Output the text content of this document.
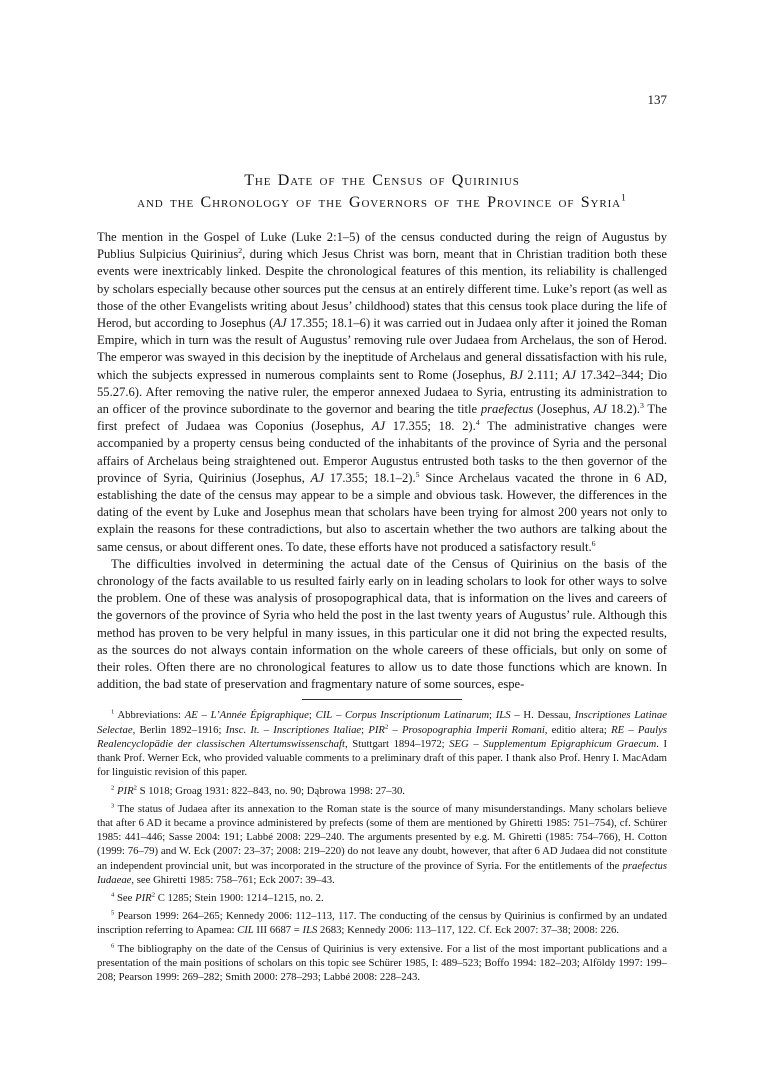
137
The Date of the Census of Quirinius
and the Chronology of the Governors of the Province of Syria$^1$

The mention in the Gospel of Luke (Luke 2:1–5) of the census conducted during the reign of Augustus by Publius Sulpicius Quirinius$^2$, during which Jesus Christ was born, meant that in Christian tradition both these events were inextricably linked. Despite the chronological features of this mention, its reliability is challenged by scholars especially because other sources put the census at an entirely different time. Luke’s report (as well as those of the other Evangelists writing about Jesus’ childhood) states that this census took place during the life of Herod, but according to Josephus (AJ 17.355; 18.1–6) it was carried out in Judaea only after it joined the Roman Empire, which in turn was the result of Augustus’ removing rule over Judaea from Archelaus, the son of Herod. The emperor was swayed in this decision by the ineptitude of Archelaus and general dissatisfaction with his rule, which the subjects expressed in numerous complaints sent to Rome (Josephus, BJ 2.111; AJ 17.342–344; Dio 55.27.6). After removing the native ruler, the emperor annexed Judaea to Syria, entrusting its administration to an officer of the province subordinate to the governor and bearing the title praefectus (Josephus, AJ 18.2).$^3$ The first prefect of Judaea was Coponius (Josephus, AJ 17.355; 18. 2).$^4$ The administrative changes were accompanied by a property census being conducted of the inhabitants of the province of Syria and the personal affairs of Archelaus being straightened out. Emperor Augustus entrusted both tasks to the then governor of the province of Syria, Quirinius (Josephus, AJ 17.355; 18.1–2).$^5$ Since Archelaus vacated the throne in 6 AD, establishing the date of the census may appear to be a simple and obvious task. However, the differences in the dating of the event by Luke and Josephus mean that scholars have been trying for almost 200 years not only to explain the reasons for these contradictions, but also to ascertain whether the two authors are talking about the same census, or about different ones. To date, these efforts have not produced a satisfactory result.$^6$

The difficulties involved in determining the actual date of the Census of Quirinius on the basis of the chronology of the facts available to us resulted fairly early on in leading scholars to look for other ways to solve the problem. One of these was analysis of prosopographical data, that is information on the lives and careers of the governors of the province of Syria who held the post in the last twenty years of Augustus’ rule. Although this method has proven to be very helpful in many issues, in this particular one it did not bring the expected results, as the sources do not always contain information on the whole careers of these officials, but only on some of their roles. Often there are no chronological features to allow us to date those functions which are known. In addition, the bad state of preservation and fragmentary nature of some sources, espe-

$^1$ Abbreviations: AE – L’Année Épigraphique; CIL – Corpus Inscriptionum Latinarum; ILS – H. Dessau, Inscriptiones Latinae Selectae, Berlin 1892–1916; Insc. It. – Inscriptiones Italiae; PIR$^2$ – Prosopographia Imperii Romani, editio altera; RE – Paulys Realencyclopädie der classischen Altertumswissenschaft, Stuttgart 1894–1972; SEG – Supplementum Epigraphicum Graecum. I thank Prof. Werner Eck, who provided valuable comments to a preliminary draft of this paper. I thank also Prof. Henry I. MacAdam for linguistic revision of this paper.

$^2$ PIR$^2$ S 1018; Groag 1931: 822–843, no. 90; Dąbrowa 1998: 27–30.

$^3$ The status of Judaea after its annexation to the Roman state is the source of many misunderstandings. Many scholars believe that after 6 AD it became a province administered by prefects (some of them are mentioned by Ghiretti 1985: 751–754), cf. Schürer 1985: 441–446; Sasse 2004: 191; Labbé 2008: 229–240. The arguments presented by e.g. M. Ghiretti (1985: 754–766), H. Cotton (1999: 76–79) and W. Eck (2007: 23–37; 2008: 219–220) do not leave any doubt, however, that after 6 AD Judaea did not constitute an independent provincial unit, but was incorporated in the structure of the province of Syria. For the entitlements of the praefectus Iudaeae, see Ghiretti 1985: 758–761; Eck 2007: 39–43.

$^4$ See PIR$^2$ C 1285; Stein 1900: 1214–1215, no. 2.

$^5$ Pearson 1999: 264–265; Kennedy 2006: 112–113, 117. The conducting of the census by Quirinius is confirmed by an undated inscription referring to Apamea: CIL III 6687 = ILS 2683; Kennedy 2006: 113–117, 122. Cf. Eck 2007: 37–38; 2008: 226.

$^6$ The bibliography on the date of the Census of Quirinius is very extensive. For a list of the most important publications and a presentation of the main positions of scholars on this topic see Schürer 1985, I: 489–523; Boffo 1994: 182–203; Alföldy 1997: 199–208; Pearson 1999: 269–282; Smith 2000: 278–293; Labbé 2008: 228–243.
